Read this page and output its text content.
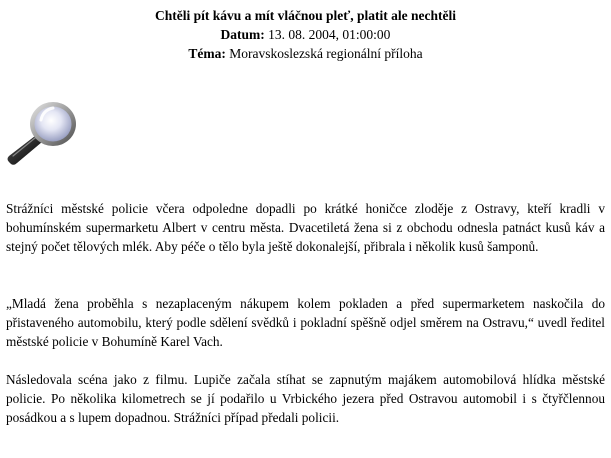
Chtěli pít kávu a mít vláčnou pleť, platit ale nechtěli
Datum: 13. 08. 2004, 01:00:00
Téma: Moravskoslezská regionální příloha

Strážníci městské policie včera odpoledne dopadli po krátké honičce zloděje z Ostravy, kteří kradli v bohumínském supermarketu Albert v centru města. Dvacetiletá žena si z obchodu odnesla patnáct kusů káv a stejný počet tělových mlék. Aby péče o tělo byla ještě dokonalejší, přibrala i několik kusů šamponů.

„Mladá žena proběhla s nezaplaceným nákupem kolem pokladen a před supermarketem naskočila do přistaveného automobilu, který podle sdělení svědků i pokladní spěšně odjel směrem na Ostravu,“ uvedl ředitel městské policie v Bohumíně Karel Vach.

Následovala scéna jako z filmu. Lupiče začala stíhat se zapnutým majákem automobilová hlídka městské policie. Po několika kilometrech se jí podařilo u Vrbického jezera před Ostravou automobil i s čtyřčlennou posádkou a s lupem dopadnou. Strážníci případ předali policii.
